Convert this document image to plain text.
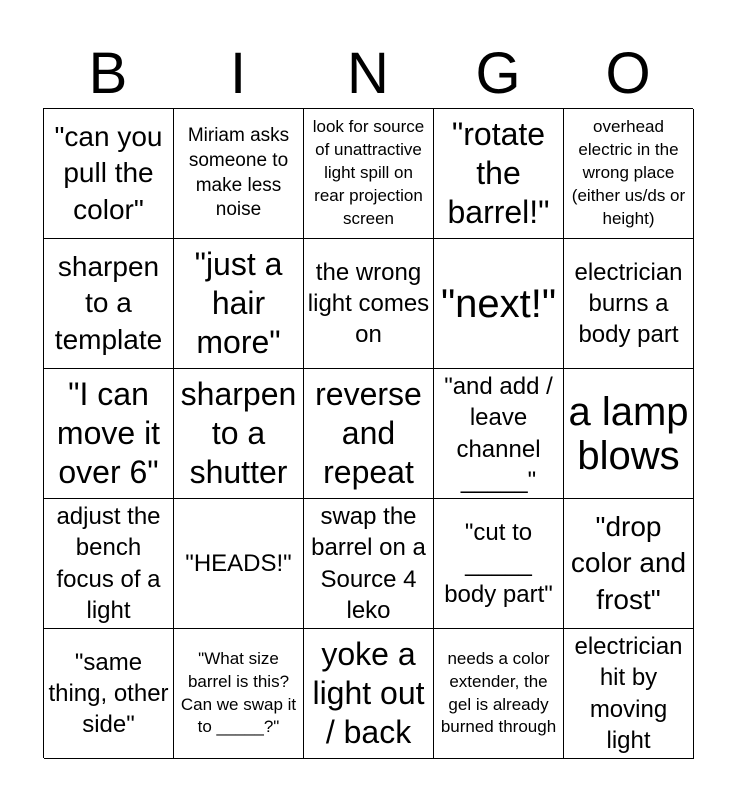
B	I	N	G	O
"can you pull the color"
Miriam asks someone to make less noise
look for source of unattractive light spill on rear projection screen
"rotate the barrel!"
overhead electric in the wrong place (either us/ds or height)
sharpen to a template
"just a hair more"
the wrong light comes on
"next!"
electrician burns a body part
"I can move it over 6"
sharpen to a shutter
reverse and repeat
"and add / leave channel _____"
a lamp blows
adjust the bench focus of a light
"HEADS!"
swap the barrel on a Source 4 leko
"cut to _____ body part"
"drop color and frost"
"same thing, other side"
"What size barrel is this? Can we swap it to _____?"
yoke a light out / back
needs a color extender, the gel is already burned through
electrician hit by moving light
